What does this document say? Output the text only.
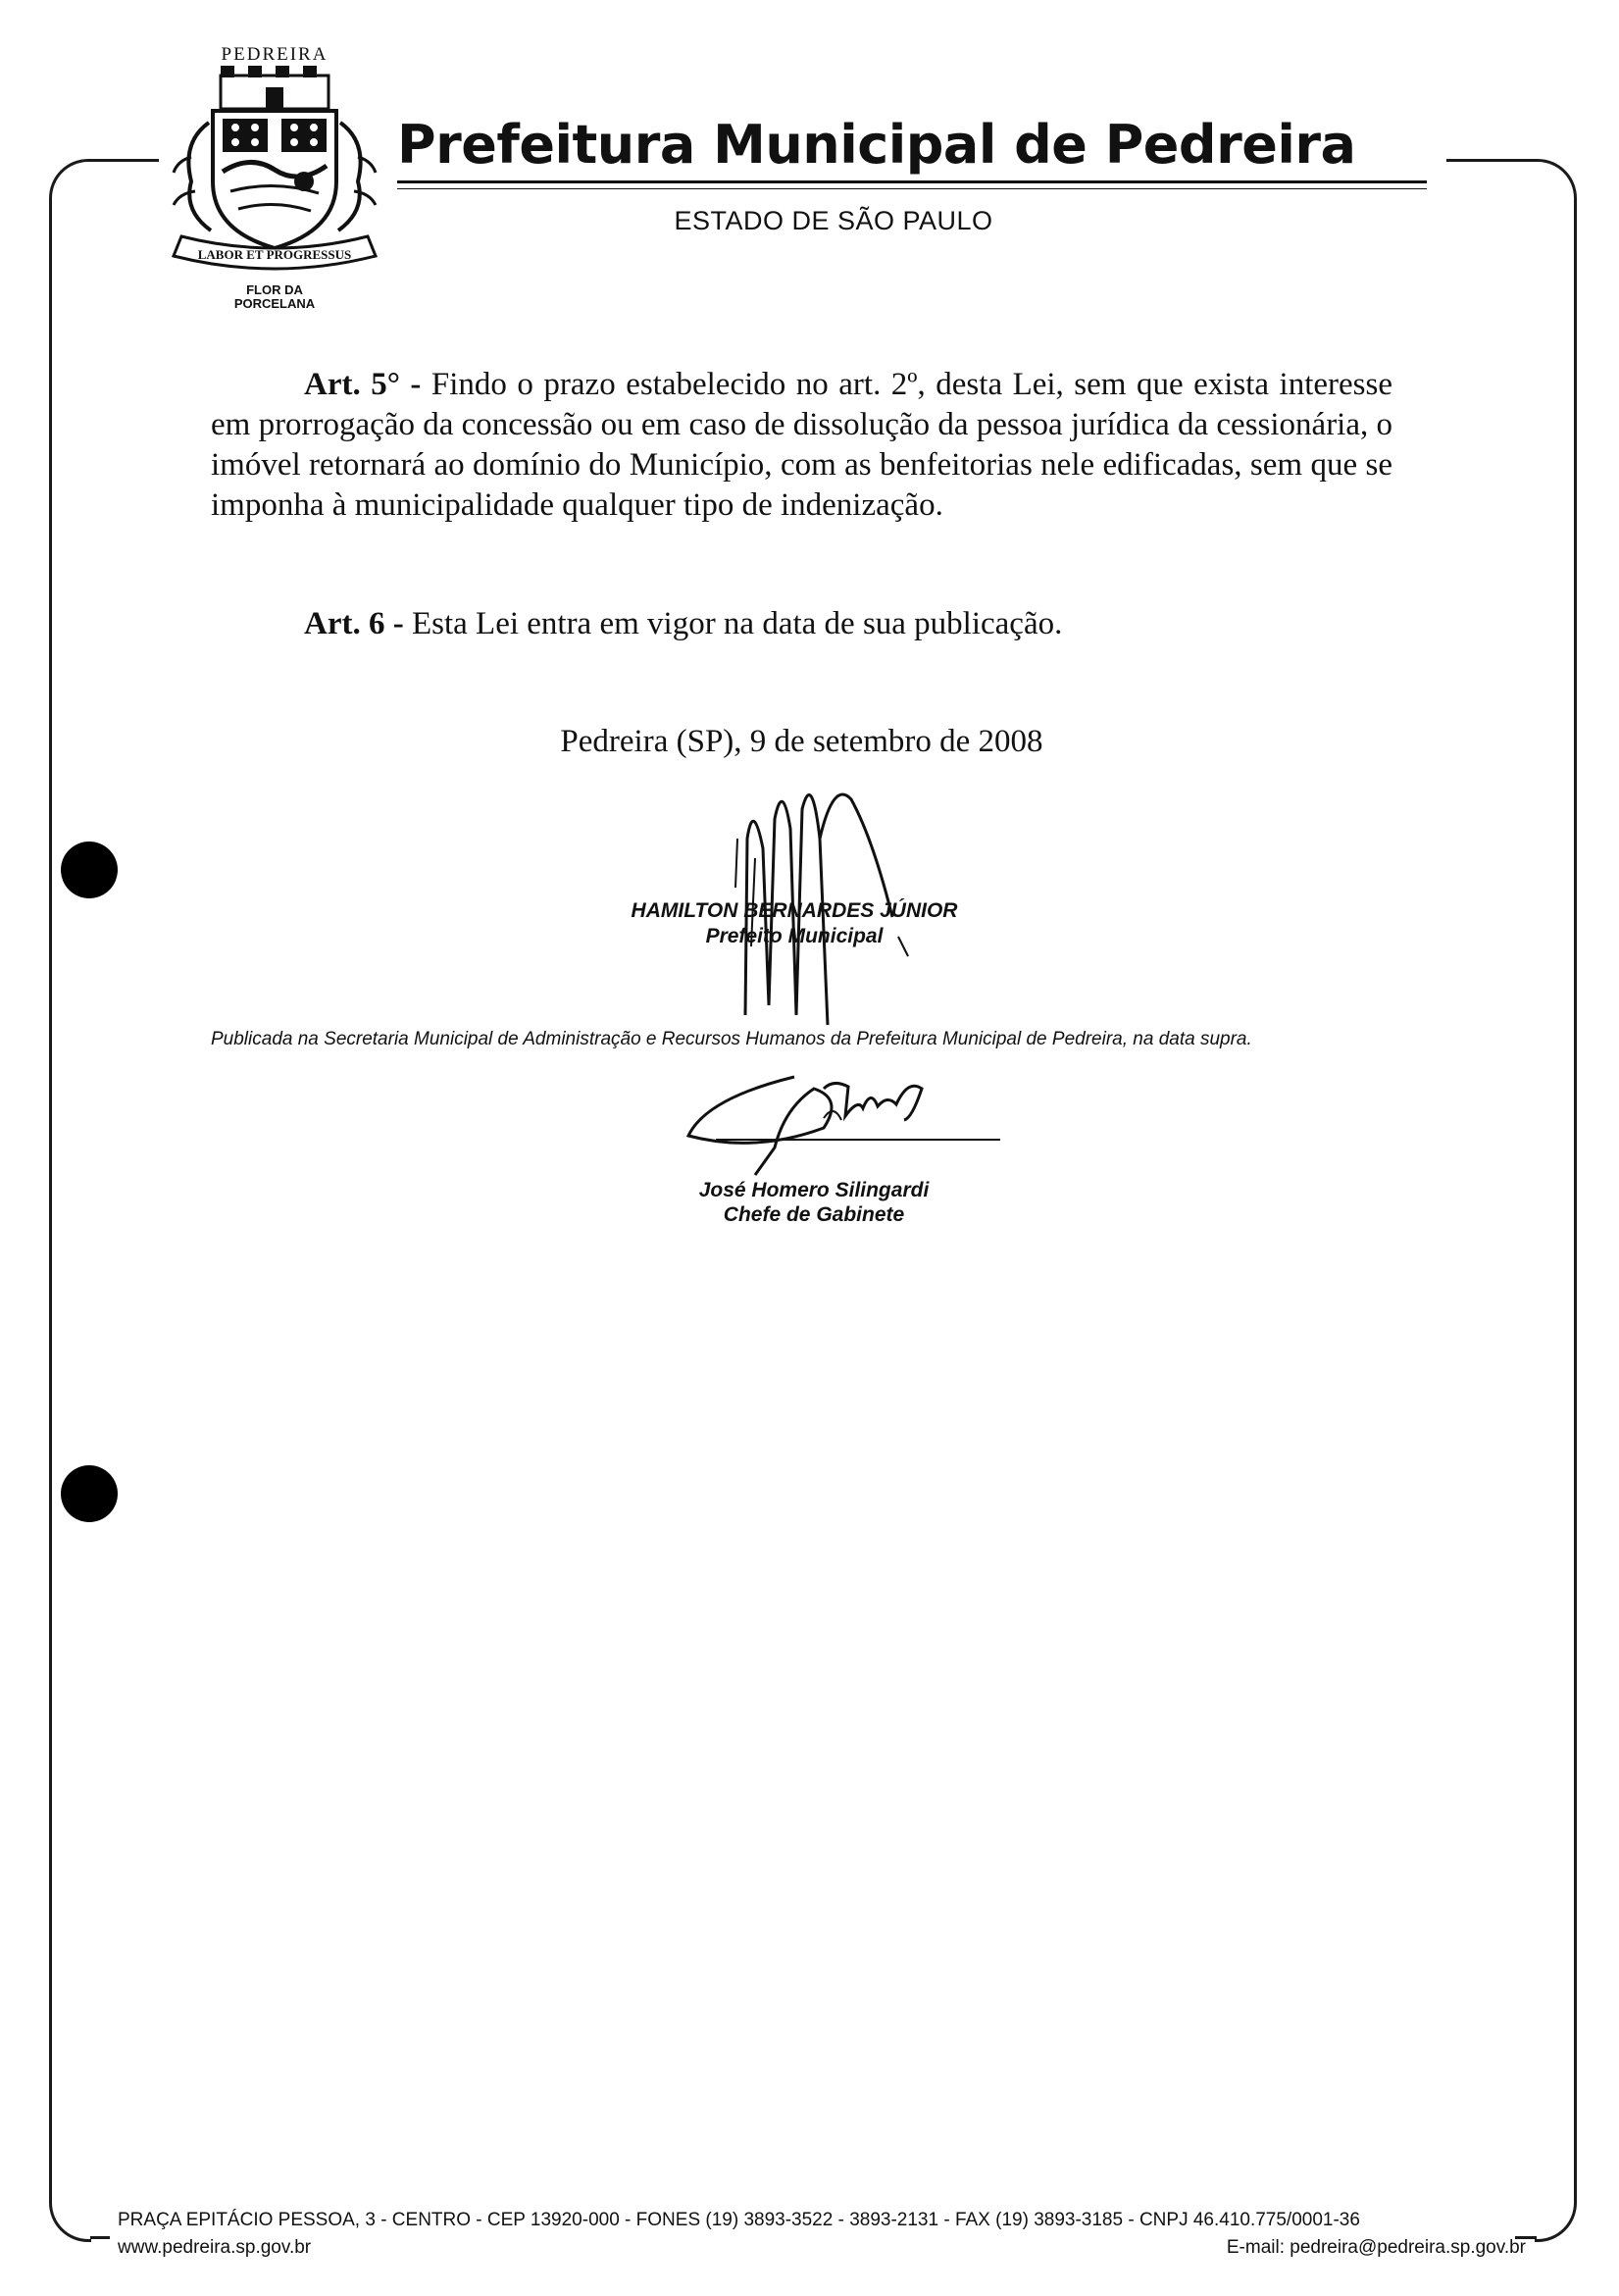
PEDREIRA
LABOR ET PROGRESSUS
FLOR DA
PORCELANA
Prefeitura Municipal de Pedreira
ESTADO DE SÃO PAULO
Art. 5° - Findo o prazo estabelecido no art. 2º, desta Lei, sem que exista interesse em prorrogação da concessão ou em caso de dissolução da pessoa jurídica da cessionária, o imóvel retornará ao domínio do Município, com as benfeitorias nele edificadas, sem que se imponha à municipalidade qualquer tipo de indenização.
Art. 6 - Esta Lei entra em vigor na data de sua publicação.
Pedreira (SP), 9 de setembro de 2008
HAMILTON BERNARDES JÚNIOR
Prefeito Municipal
Publicada na Secretaria Municipal de Administração e Recursos Humanos da Prefeitura Municipal de Pedreira, na data supra.
José Homero Silingardi
Chefe de Gabinete
PRAÇA EPITÁCIO PESSOA, 3 - CENTRO - CEP 13920-000 - FONES (19) 3893-3522 - 3893-2131 - FAX (19) 3893-3185 - CNPJ 46.410.775/0001-36
www.pedreira.sp.gov.br	E-mail: pedreira@pedreira.sp.gov.br
